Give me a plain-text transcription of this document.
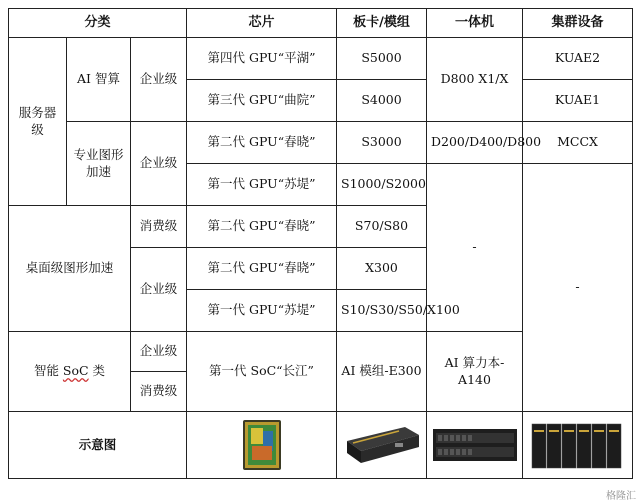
分类			芯片	板卡/模组	一体机	集群设备
服务器级	AI 智算	企业级	第四代 GPU“平湖”	S5000	D800 X1/X	KUAE2
			第三代 GPU“曲院”	S4000		KUAE1
	专业图形加速	企业级	第二代 GPU“春晓”	S3000	D200/D400/D800	MCCX
			第一代 GPU“苏堤”	S1000/S2000	-	-
桌面级图形加速		消费级	第二代 GPU“春晓”	S70/S80		
		企业级	第二代 GPU“春晓”	X300		
			第一代 GPU“苏堤”	S10/S30/S50/X100		
智能 SoC 类		企业级	第一代 SoC“长江”	AI 模组-E300	AI 算力本-A140	
		消费级				
示意图				
格隆汇
